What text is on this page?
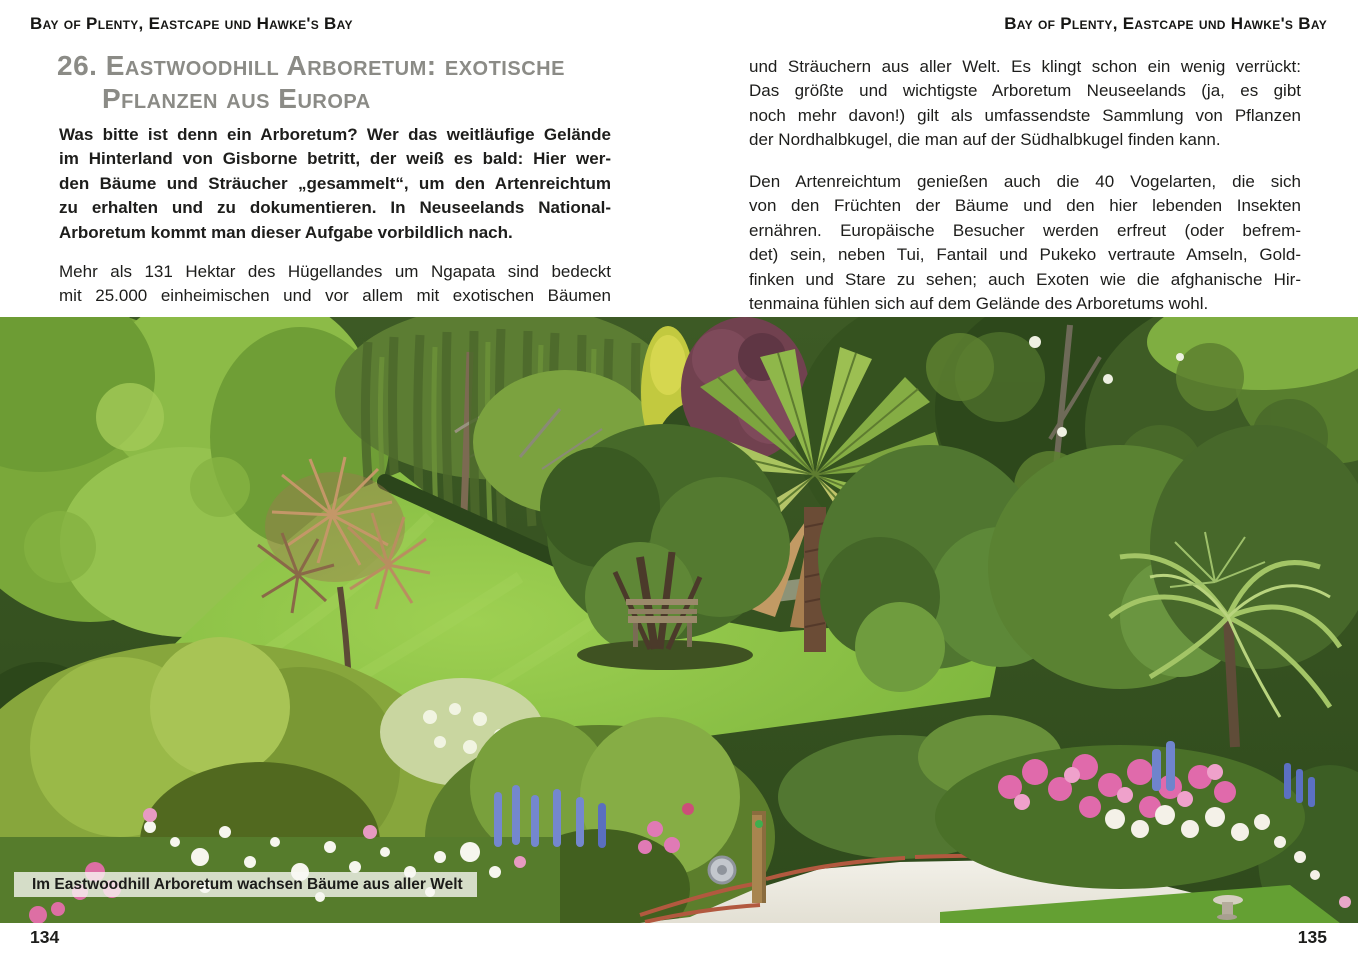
Bay of Plenty, Eastcape und Hawke's Bay	Bay of Plenty, Eastcape und Hawke's Bay
26. Eastwoodhill Arboretum: exotische
Pflanzen aus Europa
Was bitte ist denn ein Arboretum? Wer das weitläufige Gelände
im Hinterland von Gisborne betritt, der weiß es bald: Hier wer-
den Bäume und Sträucher „gesammelt“, um den Artenreichtum
zu erhalten und zu dokumentieren. In Neuseelands National-
Arboretum kommt man dieser Aufgabe vorbildlich nach.
Mehr als 131 Hektar des Hügellandes um Ngapata sind bedeckt
mit 25.000 einheimischen und vor allem mit exotischen Bäumen
und Sträuchern aus aller Welt. Es klingt schon ein wenig verrückt:
Das größte und wichtigste Arboretum Neuseelands (ja, es gibt
noch mehr davon!) gilt als umfassendste Sammlung von Pflanzen
der Nordhalbkugel, die man auf der Südhalbkugel finden kann.
Den Artenreichtum genießen auch die 40 Vogelarten, die sich
von den Früchten der Bäume und den hier lebenden Insekten
ernähren. Europäische Besucher werden erfreut (oder befrem-
det) sein, neben Tui, Fantail und Pukeko vertraute Amseln, Gold-
finken und Stare zu sehen; auch Exoten wie die afghanische Hir-
tenmaina fühlen sich auf dem Gelände des Arboretums wohl.
Im Eastwoodhill Arboretum wachsen Bäume aus aller Welt
134	135
